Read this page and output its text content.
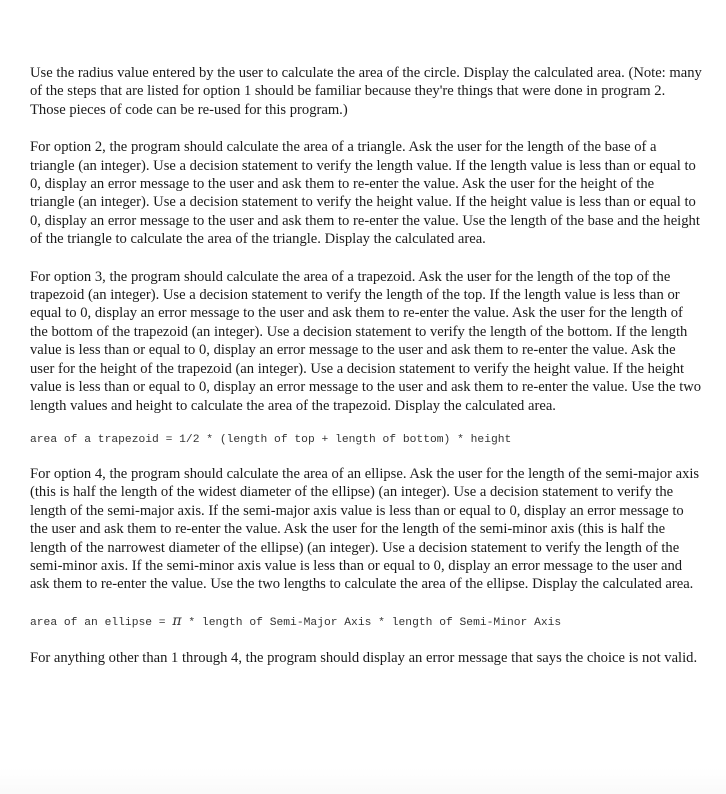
Use the radius value entered by the user to calculate the area of the circle. Display the calculated area. (Note: many of the steps that are listed for option 1 should be familiar because they're things that were done in program 2. Those pieces of code can be re-used for this program.)

For option 2, the program should calculate the area of a triangle. Ask the user for the length of the base of a triangle (an integer). Use a decision statement to verify the length value. If the length value is less than or equal to 0, display an error message to the user and ask them to re-enter the value. Ask the user for the height of the triangle (an integer). Use a decision statement to verify the height value. If the height value is less than or equal to 0, display an error message to the user and ask them to re-enter the value. Use the length of the base and the height of the triangle to calculate the area of the triangle. Display the calculated area.

For option 3, the program should calculate the area of a trapezoid. Ask the user for the length of the top of the trapezoid (an integer). Use a decision statement to verify the length of the top. If the length value is less than or equal to 0, display an error message to the user and ask them to re-enter the value. Ask the user for the length of the bottom of the trapezoid (an integer). Use a decision statement to verify the length of the bottom. If the length value is less than or equal to 0, display an error message to the user and ask them to re-enter the value. Ask the user for the height of the trapezoid (an integer). Use a decision statement to verify the height value. If the height value is less than or equal to 0, display an error message to the user and ask them to re-enter the value. Use the two length values and height to calculate the area of the trapezoid. Display the calculated area.

area of a trapezoid = 1/2 * (length of top + length of bottom) * height

For option 4, the program should calculate the area of an ellipse. Ask the user for the length of the semi-major axis (this is half the length of the widest diameter of the ellipse) (an integer). Use a decision statement to verify the length of the semi-major axis. If the semi-major axis value is less than or equal to 0, display an error message to the user and ask them to re-enter the value. Ask the user for the length of the semi-minor axis (this is half the length of the narrowest diameter of the ellipse) (an integer). Use a decision statement to verify the length of the semi-minor axis. If the semi-minor axis value is less than or equal to 0, display an error message to the user and ask them to re-enter the value. Use the two lengths to calculate the area of the ellipse. Display the calculated area.

area of an ellipse = π * length of Semi-Major Axis * length of Semi-Minor Axis

For anything other than 1 through 4, the program should display an error message that says the choice is not valid.
